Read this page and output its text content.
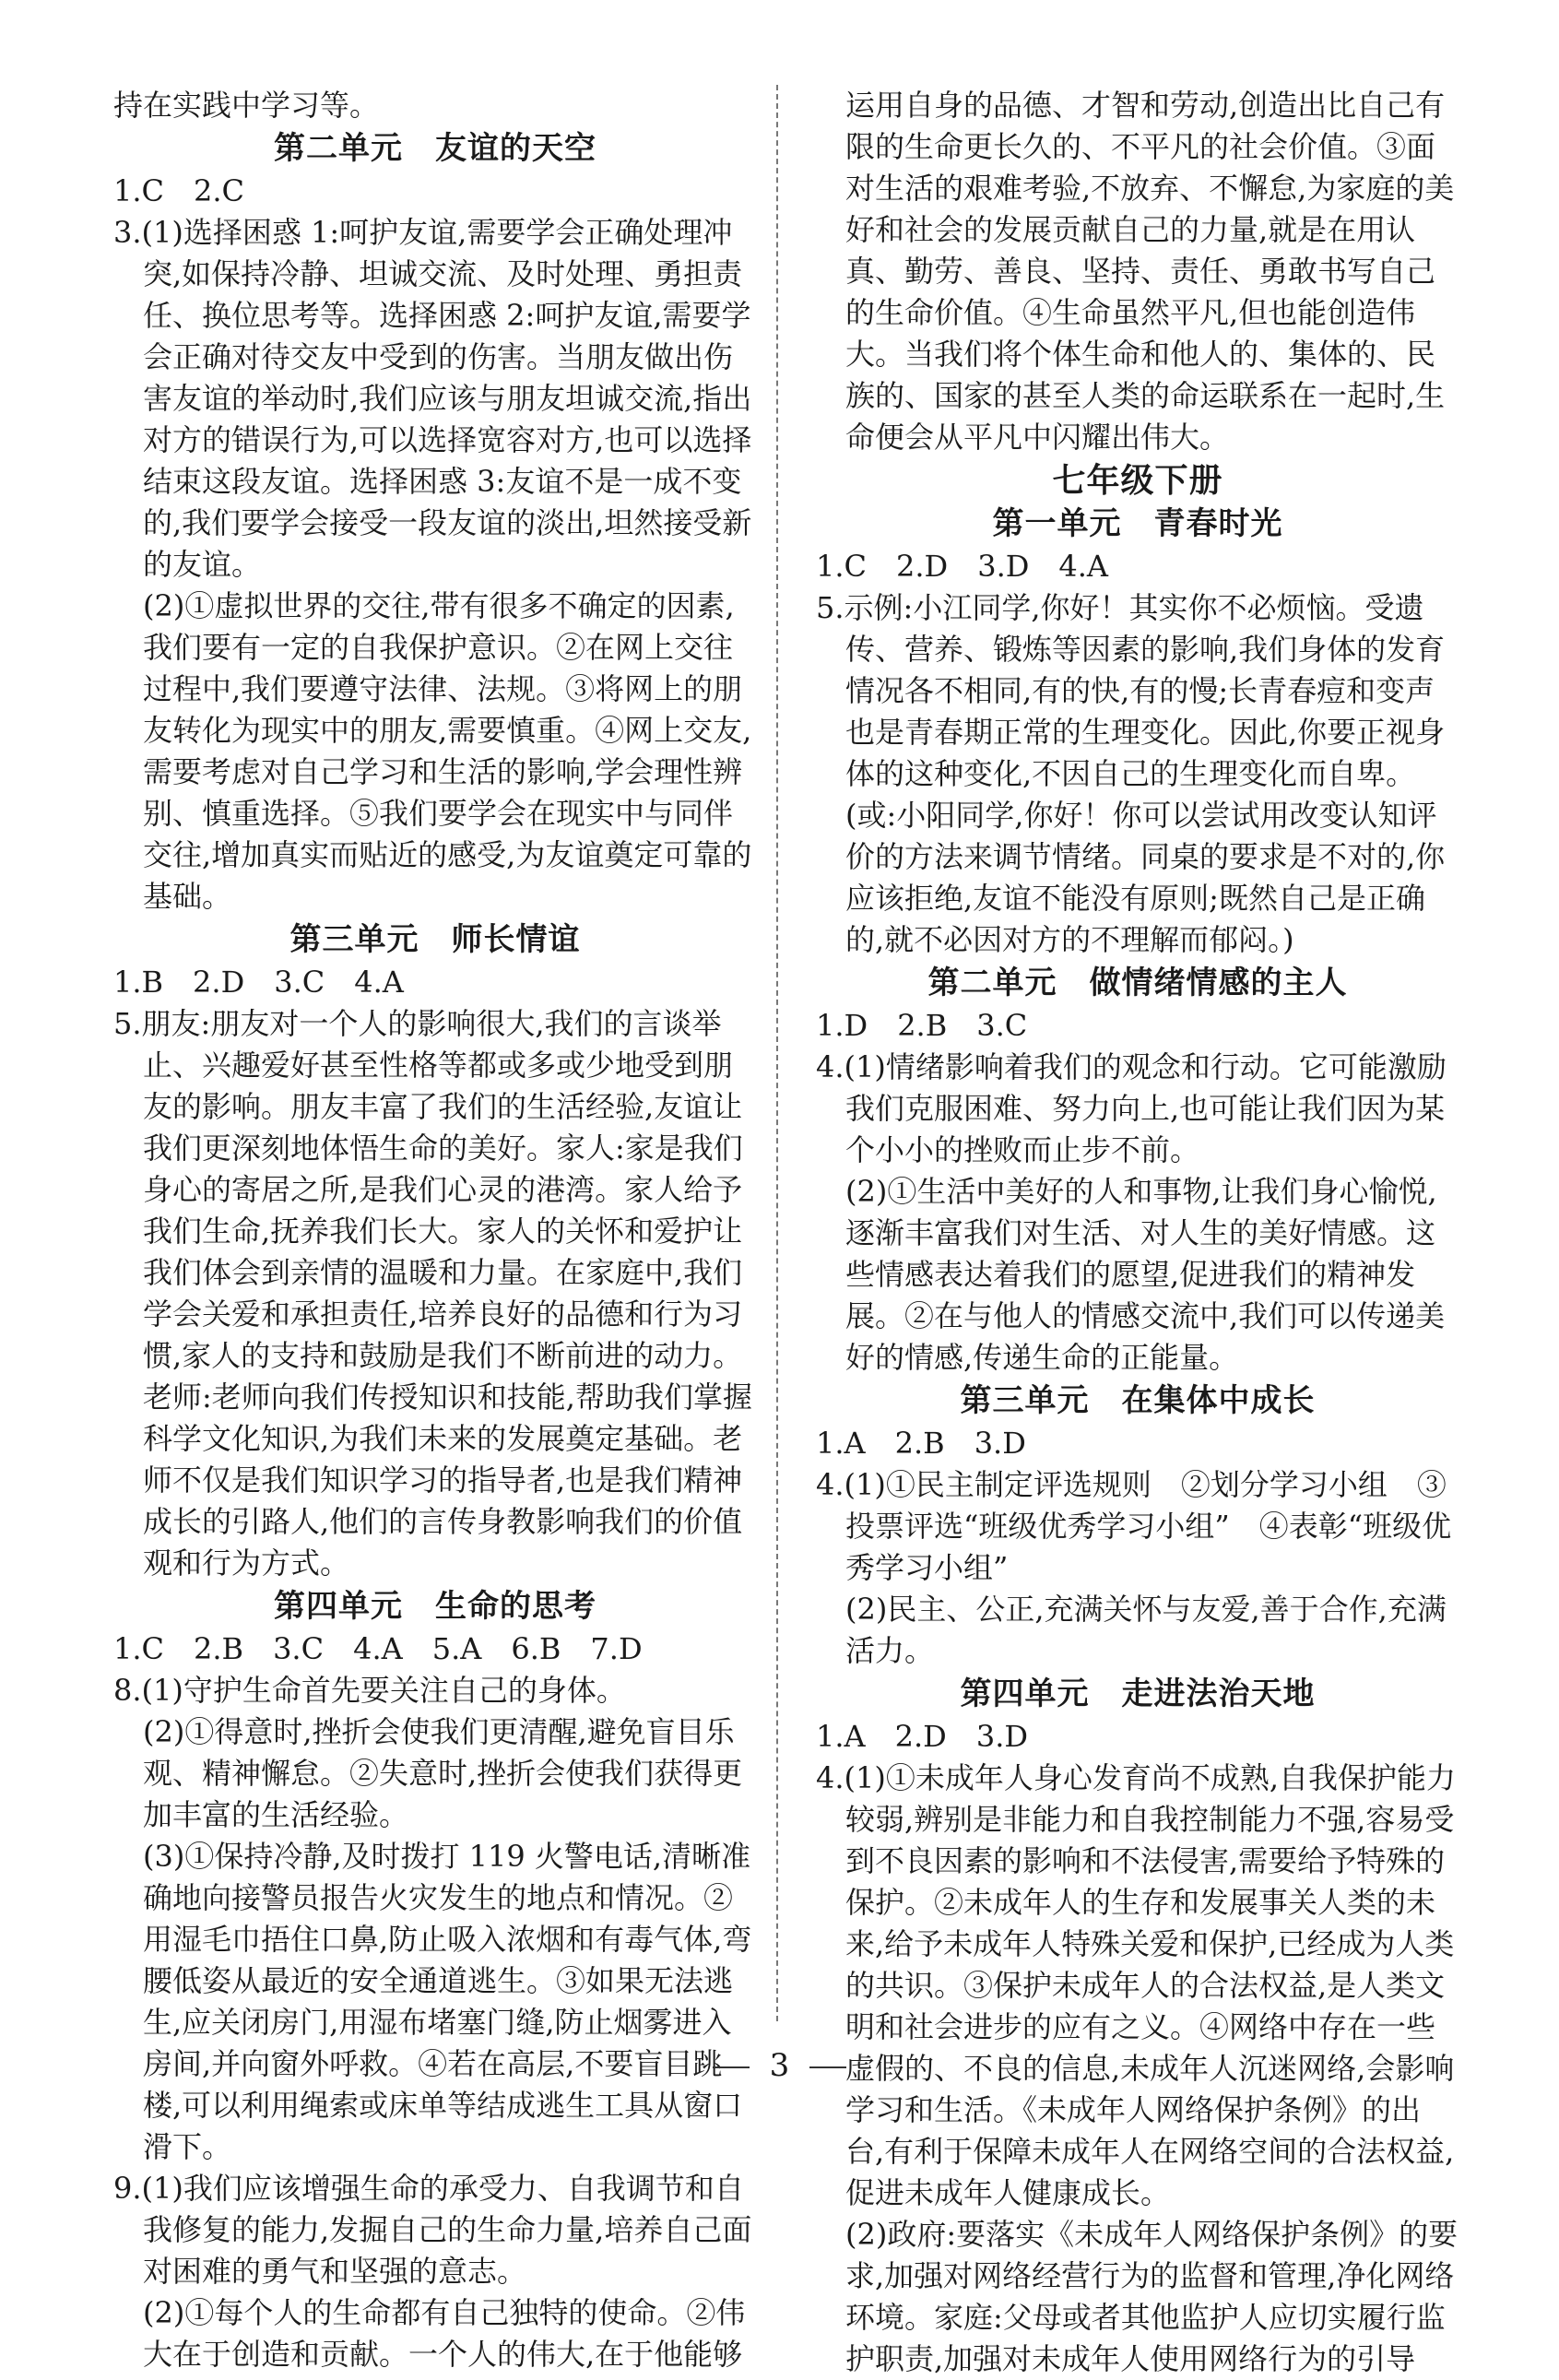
持在实践中学习等。

第二单元　友谊的天空

1.C　2.C

3.(1)选择困惑 1:呵护友谊,需要学会正确处理冲突,如保持冷静、坦诚交流、及时处理、勇担责任、换位思考等。选择困惑 2:呵护友谊,需要学会正确对待交友中受到的伤害。当朋友做出伤害友谊的举动时,我们应该与朋友坦诚交流,指出对方的错误行为,可以选择宽容对方,也可以选择结束这段友谊。选择困惑 3:友谊不是一成不变的,我们要学会接受一段友谊的淡出,坦然接受新的友谊。

(2)①虚拟世界的交往,带有很多不确定的因素,我们要有一定的自我保护意识。②在网上交往过程中,我们要遵守法律、法规。③将网上的朋友转化为现实中的朋友,需要慎重。④网上交友,需要考虑对自己学习和生活的影响,学会理性辨别、慎重选择。⑤我们要学会在现实中与同伴交往,增加真实而贴近的感受,为友谊奠定可靠的基础。

第三单元　师长情谊

1.B　2.D　3.C　4.A

5.朋友:朋友对一个人的影响很大,我们的言谈举止、兴趣爱好甚至性格等都或多或少地受到朋友的影响。朋友丰富了我们的生活经验,友谊让我们更深刻地体悟生命的美好。家人:家是我们身心的寄居之所,是我们心灵的港湾。家人给予我们生命,抚养我们长大。家人的关怀和爱护让我们体会到亲情的温暖和力量。在家庭中,我们学会关爱和承担责任,培养良好的品德和行为习惯,家人的支持和鼓励是我们不断前进的动力。老师:老师向我们传授知识和技能,帮助我们掌握科学文化知识,为我们未来的发展奠定基础。老师不仅是我们知识学习的指导者,也是我们精神成长的引路人,他们的言传身教影响我们的价值观和行为方式。

第四单元　生命的思考

1.C　2.B　3.C　4.A　5.A　6.B　7.D

8.(1)守护生命首先要关注自己的身体。

(2)①得意时,挫折会使我们更清醒,避免盲目乐观、精神懈怠。②失意时,挫折会使我们获得更加丰富的生活经验。

(3)①保持冷静,及时拨打 119 火警电话,清晰准确地向接警员报告火灾发生的地点和情况。②用湿毛巾捂住口鼻,防止吸入浓烟和有毒气体,弯腰低姿从最近的安全通道逃生。③如果无法逃生,应关闭房门,用湿布堵塞门缝,防止烟雾进入房间,并向窗外呼救。④若在高层,不要盲目跳楼,可以利用绳索或床单等结成逃生工具从窗口滑下。

9.(1)我们应该增强生命的承受力、自我调节和自我修复的能力,发掘自己的生命力量,培养自己面对困难的勇气和坚强的意志。

(2)①每个人的生命都有自己独特的使命。②伟大在于创造和贡献。一个人的伟大,在于他能够

运用自身的品德、才智和劳动,创造出比自己有限的生命更长久的、不平凡的社会价值。③面对生活的艰难考验,不放弃、不懈怠,为家庭的美好和社会的发展贡献自己的力量,就是在用认真、勤劳、善良、坚持、责任、勇敢书写自己的生命价值。④生命虽然平凡,但也能创造伟大。当我们将个体生命和他人的、集体的、民族的、国家的甚至人类的命运联系在一起时,生命便会从平凡中闪耀出伟大。

七年级下册

第一单元　青春时光

1.C　2.D　3.D　4.A

5.示例:小江同学,你好！其实你不必烦恼。受遗传、营养、锻炼等因素的影响,我们身体的发育情况各不相同,有的快,有的慢;长青春痘和变声也是青春期正常的生理变化。因此,你要正视身体的这种变化,不因自己的生理变化而自卑。(或:小阳同学,你好！你可以尝试用改变认知评价的方法来调节情绪。同桌的要求是不对的,你应该拒绝,友谊不能没有原则;既然自己是正确的,就不必因对方的不理解而郁闷。)

第二单元　做情绪情感的主人

1.D　2.B　3.C

4.(1)情绪影响着我们的观念和行动。它可能激励我们克服困难、努力向上,也可能让我们因为某个小小的挫败而止步不前。

(2)①生活中美好的人和事物,让我们身心愉悦,逐渐丰富我们对生活、对人生的美好情感。这些情感表达着我们的愿望,促进我们的精神发展。②在与他人的情感交流中,我们可以传递美好的情感,传递生命的正能量。

第三单元　在集体中成长

1.A　2.B　3.D

4.(1)①民主制定评选规则　②划分学习小组　③投票评选“班级优秀学习小组”　④表彰“班级优秀学习小组”

(2)民主、公正,充满关怀与友爱,善于合作,充满活力。

第四单元　走进法治天地

1.A　2.D　3.D

4.(1)①未成年人身心发育尚不成熟,自我保护能力较弱,辨别是非能力和自我控制能力不强,容易受到不良因素的影响和不法侵害,需要给予特殊的保护。②未成年人的生存和发展事关人类的未来,给予未成年人特殊关爱和保护,已经成为人类的共识。③保护未成年人的合法权益,是人类文明和社会进步的应有之义。④网络中存在一些虚假的、不良的信息,未成年人沉迷网络,会影响学习和生活。《未成年人网络保护条例》的出台,有利于保障未成年人在网络空间的合法权益,促进未成年人健康成长。

(2)政府:要落实《未成年人网络保护条例》的要求,加强对网络经营行为的监督和管理,净化网络环境。家庭:父母或者其他监护人应切实履行监护职责,加强对未成年人使用网络行为的引导

3
